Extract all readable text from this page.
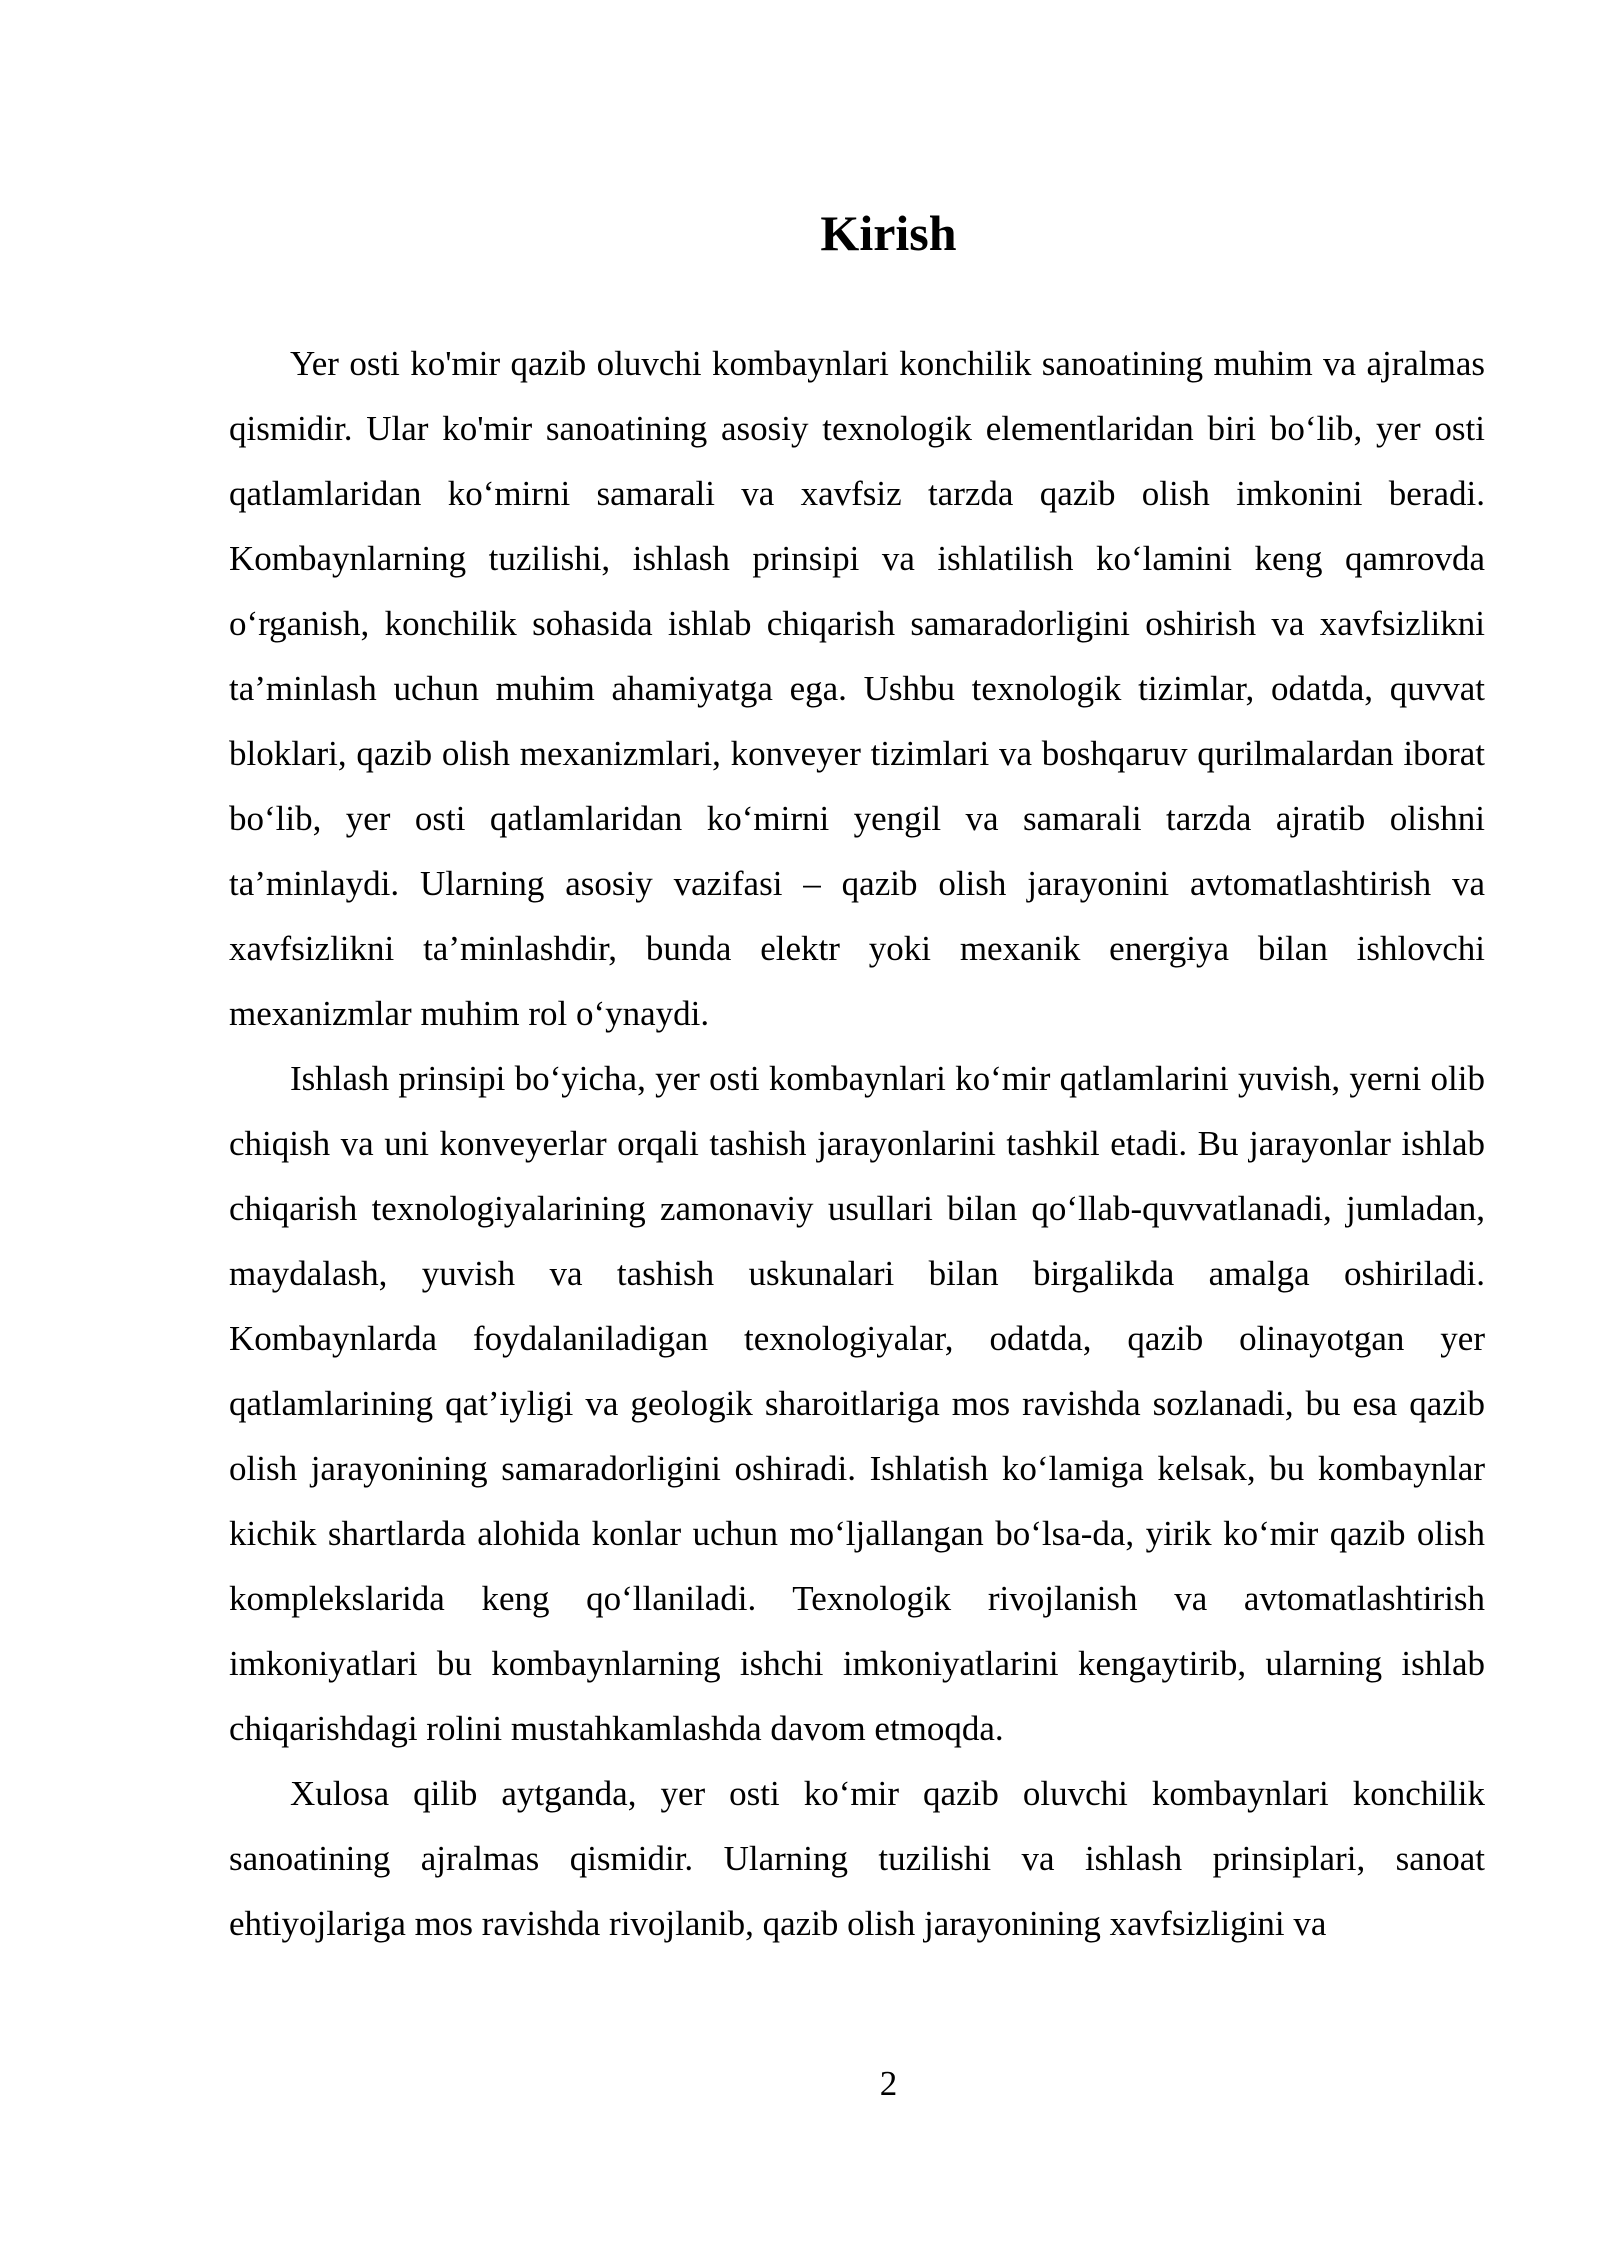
Kirish

Yer osti ko'mir qazib oluvchi kombaynlari konchilik sanoatining muhim va ajralmas qismidir. Ular ko'mir sanoatining asosiy texnologik elementlaridan biri bo‘lib, yer osti qatlamlaridan ko‘mirni samarali va xavfsiz tarzda qazib olish imkonini beradi. Kombaynlarning tuzilishi, ishlash prinsipi va ishlatilish ko‘lamini keng qamrovda o‘rganish, konchilik sohasida ishlab chiqarish samaradorligini oshirish va xavfsizlikni ta’minlash uchun muhim ahamiyatga ega. Ushbu texnologik tizimlar, odatda, quvvat bloklari, qazib olish mexanizmlari, konveyer tizimlari va boshqaruv qurilmalardan iborat bo‘lib, yer osti qatlamlaridan ko‘mirni yengil va samarali tarzda ajratib olishni ta’minlaydi. Ularning asosiy vazifasi – qazib olish jarayonini avtomatlashtirish va xavfsizlikni ta’minlashdir, bunda elektr yoki mexanik energiya bilan ishlovchi mexanizmlar muhim rol o‘ynaydi.

Ishlash prinsipi bo‘yicha, yer osti kombaynlari ko‘mir qatlamlarini yuvish, yerni olib chiqish va uni konveyerlar orqali tashish jarayonlarini tashkil etadi. Bu jarayonlar ishlab chiqarish texnologiyalarining zamonaviy usullari bilan qo‘llab-quvvatlanadi, jumladan, maydalash, yuvish va tashish uskunalari bilan birgalikda amalga oshiriladi. Kombaynlarda foydalaniladigan texnologiyalar, odatda, qazib olinayotgan yer qatlamlarining qat’iyligi va geologik sharoitlariga mos ravishda sozlanadi, bu esa qazib olish jarayonining samaradorligini oshiradi. Ishlatish ko‘lamiga kelsak, bu kombaynlar kichik shartlarda alohida konlar uchun mo‘ljallangan bo‘lsa-da, yirik ko‘mir qazib olish komplekslarida keng qo‘llaniladi. Texnologik rivojlanish va avtomatlashtirish imkoniyatlari bu kombaynlarning ishchi imkoniyatlarini kengaytirib, ularning ishlab chiqarishdagi rolini mustahkamlashda davom etmoqda.

Xulosa qilib aytganda, yer osti ko‘mir qazib oluvchi kombaynlari konchilik sanoatining ajralmas qismidir. Ularning tuzilishi va ishlash prinsiplari, sanoat ehtiyojlariga mos ravishda rivojlanib, qazib olish jarayonining xavfsizligini va

2
